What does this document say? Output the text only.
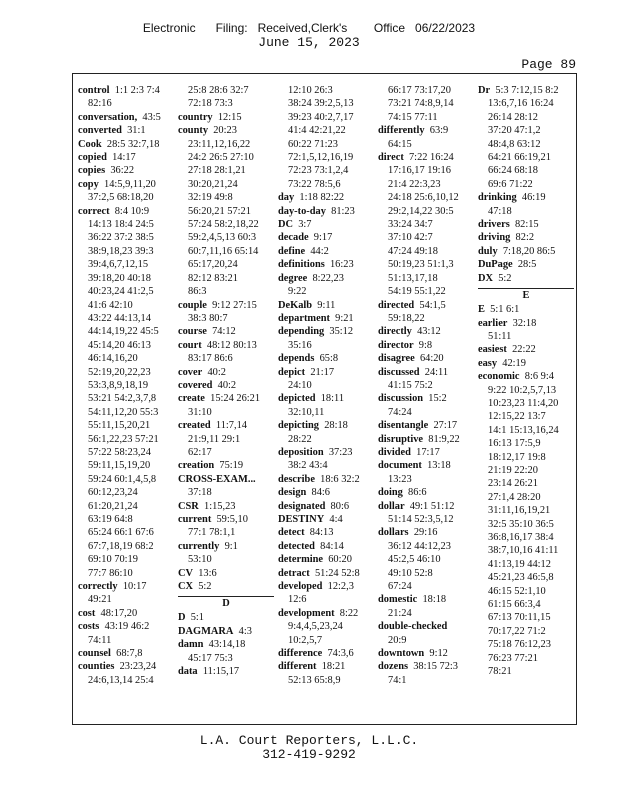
Electronic      Filing:   Received,Clerk's        Office   06/22/2023
June 15, 2023
Page 89
control  1:1 2:3 7:4
82:16
conversation,  43:5
converted  31:1
Cook  28:5 32:7,18
copied  14:17
copies  36:22
copy  14:5,9,11,20
37:2,5 68:18,20
correct  8:4 10:9
14:13 18:4 24:5
36:22 37:2 38:5
38:9,18,23 39:3
39:4,6,7,12,15
39:18,20 40:18
40:23,24 41:2,5
41:6 42:10
43:22 44:13,14
44:14,19,22 45:5
45:14,20 46:13
46:14,16,20
52:19,20,22,23
53:3,8,9,18,19
53:21 54:2,3,7,8
54:11,12,20 55:3
55:11,15,20,21
56:1,22,23 57:21
57:22 58:23,24
59:11,15,19,20
59:24 60:1,4,5,8
60:12,23,24
61:20,21,24
63:19 64:8
65:24 66:1 67:6
67:7,18,19 68:2
69:10 70:19
77:7 86:10
correctly  10:17
49:21
cost  48:17,20
costs  43:19 46:2
74:11
counsel  68:7,8
counties  23:23,24
24:6,13,14 25:4
25:8 28:6 32:7
72:18 73:3
country  12:15
county  20:23
23:11,12,16,22
24:2 26:5 27:10
27:18 28:1,21
30:20,21,24
32:19 49:8
56:20,21 57:21
57:24 58:2,18,22
59:2,4,5,13 60:3
60:7,11,16 65:14
65:17,20,24
82:12 83:21
86:3
couple  9:12 27:15
38:3 80:7
course  74:12
court  48:12 80:13
83:17 86:6
cover  40:2
covered  40:2
create  15:24 26:21
31:10
created  11:7,14
21:9,11 29:1
62:17
creation  75:19
CROSS-EXAM...
37:18
CSR  1:15,23
current  59:5,10
77:1 78:1,1
currently  9:1
53:10
CV  13:6
CX  5:2
D
D  5:1
DAGMARA  4:3
damn  43:14,18
45:17 75:3
data  11:15,17
12:10 26:3
38:24 39:2,5,13
39:23 40:2,7,17
41:4 42:21,22
60:22 71:23
72:1,5,12,16,19
72:23 73:1,2,4
73:22 78:5,6
day  1:18 82:22
day-to-day  81:23
DC  3:7
decade  9:17
define  44:2
definitions  16:23
degree  8:22,23
9:22
DeKalb  9:11
department  9:21
depending  35:12
35:16
depends  65:8
depict  21:17
24:10
depicted  18:11
32:10,11
depicting  28:18
28:22
deposition  37:23
38:2 43:4
describe  18:6 32:2
design  84:6
designated  80:6
DESTINY  4:4
detect  84:13
detected  84:14
determine  60:20
detract  51:24 52:8
developed  12:2,3
12:6
development  8:22
9:4,4,5,23,24
10:2,5,7
difference  74:3,6
different  18:21
52:13 65:8,9
66:17 73:17,20
73:21 74:8,9,14
74:15 77:11
differently  63:9
64:15
direct  7:22 16:24
17:16,17 19:16
21:4 22:3,23
24:18 25:6,10,12
29:2,14,22 30:5
33:24 34:7
37:10 42:7
47:24 49:18
50:19,23 51:1,3
51:13,17,18
54:19 55:1,22
directed  54:1,5
59:18,22
directly  43:12
director  9:8
disagree  64:20
discussed  24:11
41:15 75:2
discussion  15:2
74:24
disentangle  27:17
disruptive  81:9,22
divided  17:17
document  13:18
13:23
doing  86:6
dollar  49:1 51:12
51:14 52:3,5,12
dollars  29:16
36:12 44:12,23
45:2,5 46:10
49:10 52:8
67:24
domestic  18:18
21:24
double-checked
20:9
downtown  9:12
dozens  38:15 72:3
74:1
Dr  5:3 7:12,15 8:2
13:6,7,16 16:24
26:14 28:12
37:20 47:1,2
48:4,8 63:12
64:21 66:19,21
66:24 68:18
69:6 71:22
drinking  46:19
47:18
drivers  82:15
driving  82:2
duly  7:18,20 86:5
DuPage  28:5
DX  5:2
E
E  5:1 6:1
earlier  32:18
51:11
easiest  22:22
easy  42:19
economic  8:6 9:4
9:22 10:2,5,7,13
10:23,23 11:4,20
12:15,22 13:7
14:1 15:13,16,24
16:13 17:5,9
18:12,17 19:8
21:19 22:20
23:14 26:21
27:1,4 28:20
31:11,16,19,21
32:5 35:10 36:5
36:8,16,17 38:4
38:7,10,16 41:11
41:13,19 44:12
45:21,23 46:5,8
46:15 52:1,10
61:15 66:3,4
67:13 70:11,15
70:17,22 71:2
75:18 76:12,23
76:23 77:21
78:21
L.A. Court Reporters, L.L.C.
312-419-9292
